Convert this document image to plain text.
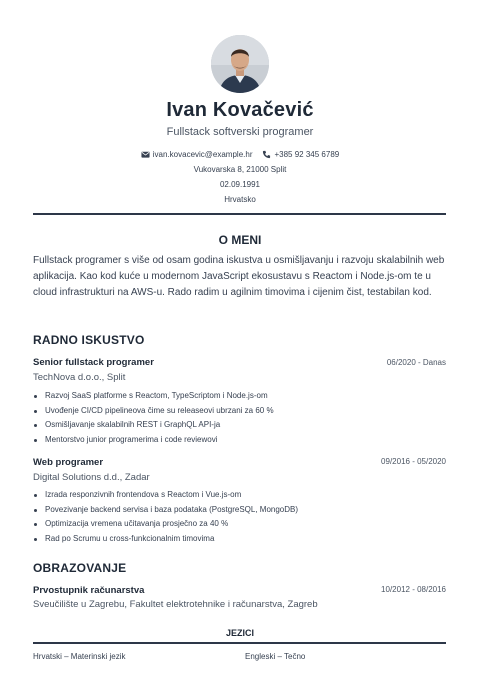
Ivan Kovačević
Fullstack softverski programer
ivan.kovacevic@example.hr	+385 92 345 6789
Vukovarska 8, 21000 Split
02.09.1991
Hrvatsko
O MENI
Fullstack programer s više od osam godina iskustva u osmišljavanju i razvoju skalabilnih web aplikacija. Kao kod kuće u modernom JavaScript ekosustavu s Reactom i Node.js-om te u cloud infrastrukturi na AWS-u. Rado radim u agilnim timovima i cijenim čist, testabilan kod.
RADNO ISKUSTVO
Senior fullstack programer	06/2020 - Danas
TechNova d.o.o., Split
Razvoj SaaS platforme s Reactom, TypeScriptom i Node.js-om
Uvođenje CI/CD pipelineova čime su releaseovi ubrzani za 60 %
Osmišljavanje skalabilnih REST i GraphQL API-ja
Mentorstvo junior programerima i code reviewovi
Web programer	09/2016 - 05/2020
Digital Solutions d.d., Zadar
Izrada responzivnih frontendova s Reactom i Vue.js-om
Povezivanje backend servisa i baza podataka (PostgreSQL, MongoDB)
Optimizacija vremena učitavanja prosječno za 40 %
Rad po Scrumu u cross-funkcionalnim timovima
OBRAZOVANJE
Prvostupnik računarstva	10/2012 - 08/2016
Sveučilište u Zagrebu, Fakultet elektrotehnike i računarstva, Zagreb
JEZICI
Hrvatski – Materinski jezik	Engleski – Tečno
